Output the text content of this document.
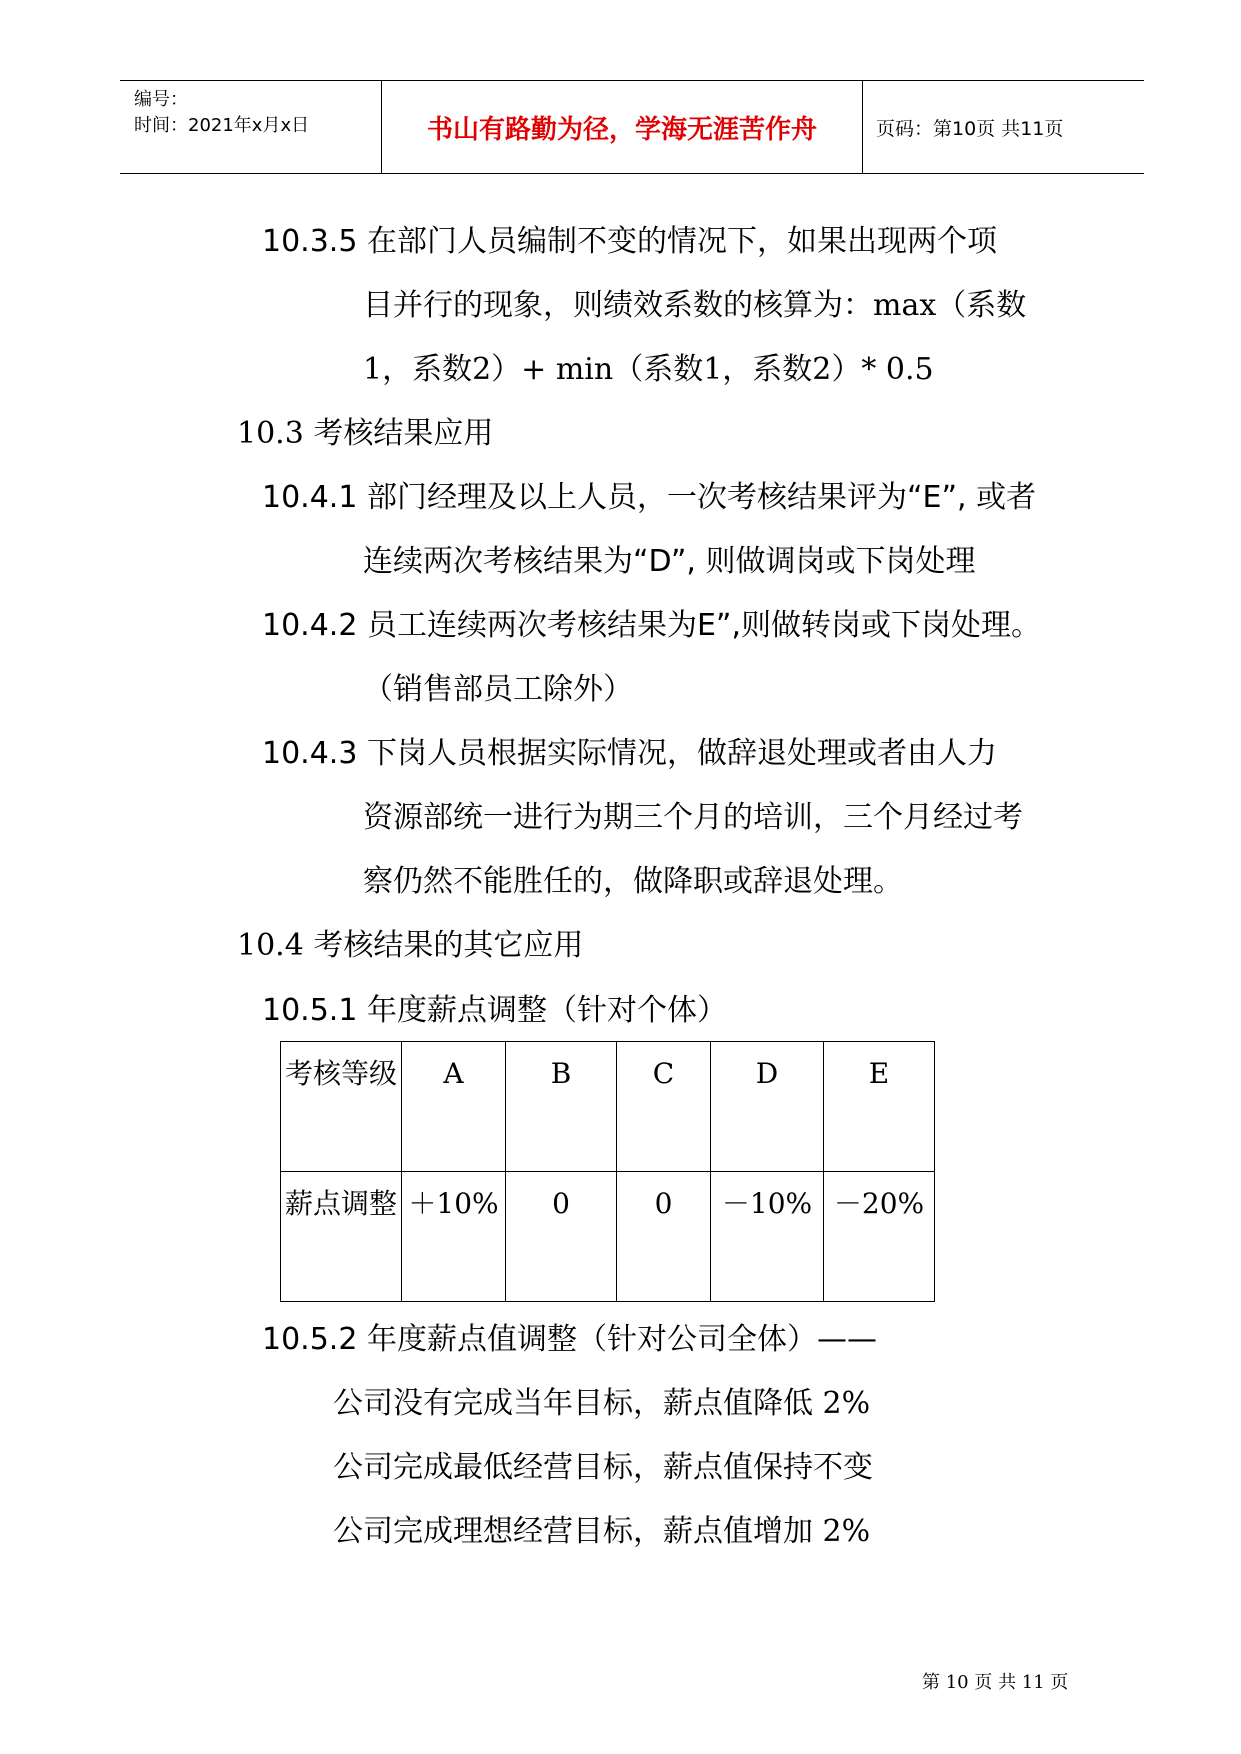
编号：
时间：2021年x月x日	书山有路勤为径，学海无涯苦作舟	页码：第10页 共11页
10.3.5 在部门人员编制不变的情况下，如果出现两个项
目并行的现象，则绩效系数的核算为：max（系数
1，系数2）+ min（系数1，系数2）* 0.5
10.3 考核结果应用
10.4.1 部门经理及以上人员，一次考核结果评为“E”, 或者
连续两次考核结果为“D”, 则做调岗或下岗处理
10.4.2 员工连续两次考核结果为E”,则做转岗或下岗处理。
（销售部员工除外）
10.4.3 下岗人员根据实际情况，做辞退处理或者由人力
资源部统一进行为期三个月的培训，三个月经过考
察仍然不能胜任的，做降职或辞退处理。
10.4 考核结果的其它应用
10.5.1 年度薪点调整（针对个体）
考核等级	A	B	C	D	E
薪点调整	＋10%	0	0	－10%	－20%
10.5.2 年度薪点值调整（针对公司全体）——
公司没有完成当年目标，薪点值降低 2%
公司完成最低经营目标，薪点值保持不变
公司完成理想经营目标，薪点值增加 2%
第 10 页 共 11 页
